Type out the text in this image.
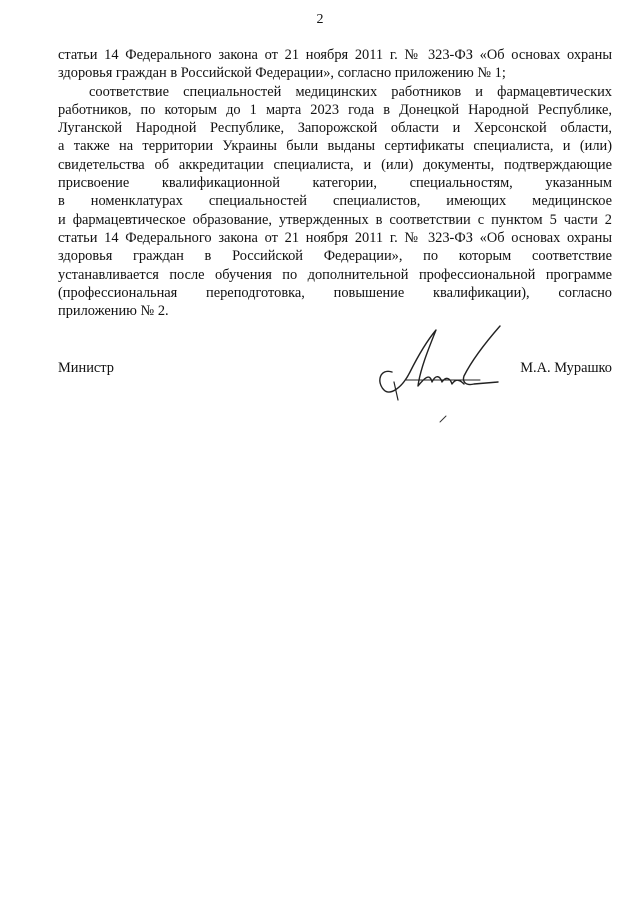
2

статьи 14 Федерального закона от 21 ноября 2011 г. № 323-ФЗ «Об основах охраны
здоровья граждан в Российской Федерации», согласно приложению № 1;

соответствие специальностей медицинских работников и фармацевтических
работников, по которым до 1 марта 2023 года в Донецкой Народной Республике,
Луганской Народной Республике, Запорожской области и Херсонской области,
а также на территории Украины были выданы сертификаты специалиста, и (или)
свидетельства об аккредитации специалиста, и (или) документы, подтверждающие
присвоение квалификационной категории, специальностям, указанным
в номенклатурах специальностей специалистов, имеющих медицинское
и фармацевтическое образование, утвержденных в соответствии с пунктом 5 части 2
статьи 14 Федерального закона от 21 ноября 2011 г. № 323-ФЗ «Об основах охраны
здоровья граждан в Российской Федерации», по которым соответствие
устанавливается после обучения по дополнительной профессиональной программе
(профессиональная переподготовка, повышение квалификации), согласно
приложению № 2.

Министр	М.А. Мурашко
